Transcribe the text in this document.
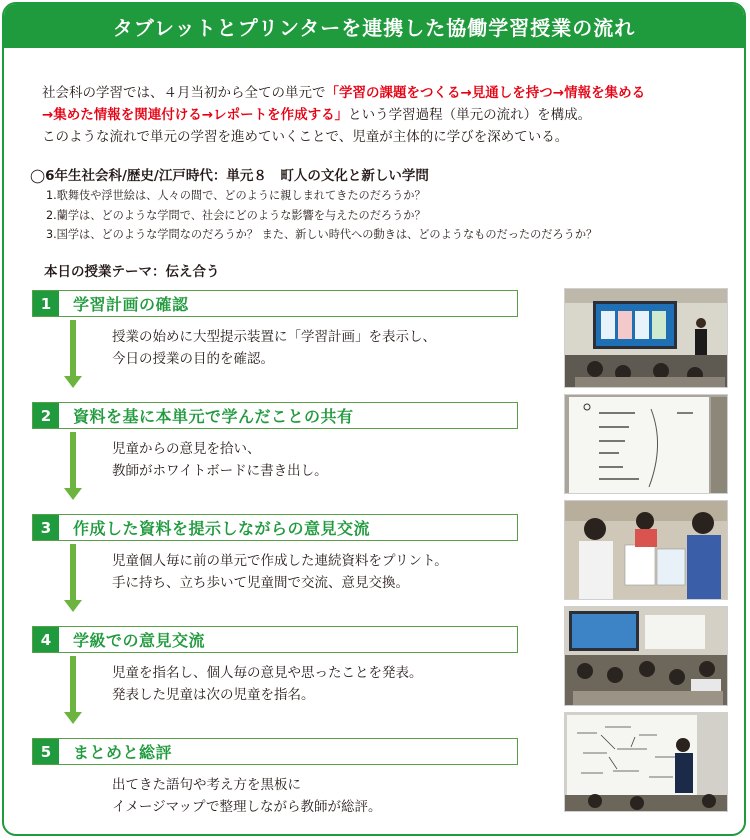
タブレットとプリンターを連携した協働学習授業の流れ
社会科の学習では、４月当初から全ての単元で「学習の課題をつくる→見通しを持つ→情報を集める
→集めた情報を関連付ける→レポートを作成する」という学習過程（単元の流れ）を構成。
このような流れで単元の学習を進めていくことで、児童が主体的に学びを深めている。
◯6年生社会科/歴史/江戸時代：単元８　町人の文化と新しい学問
1.歌舞伎や浮世絵は、人々の間で、どのように親しまれてきたのだろうか？
2.蘭学は、どのような学問で、社会にどのような影響を与えたのだろうか？
3.国学は、どのような学問なのだろうか？ また、新しい時代への動きは、どのようなものだったのだろうか？
本日の授業テーマ：伝え合う
1	学習計画の確認
授業の始めに大型提示装置に「学習計画」を表示し、
今日の授業の目的を確認。
2	資料を基に本単元で学んだことの共有
児童からの意見を拾い、
教師がホワイトボードに書き出し。
3	作成した資料を提示しながらの意見交流
児童個人毎に前の単元で作成した連続資料をプリント。
手に持ち、立ち歩いて児童間で交流、意見交換。
4	学級での意見交流
児童を指名し、個人毎の意見や思ったことを発表。
発表した児童は次の児童を指名。
5	まとめと総評
出てきた語句や考え方を黒板に
イメージマップで整理しながら教師が総評。
